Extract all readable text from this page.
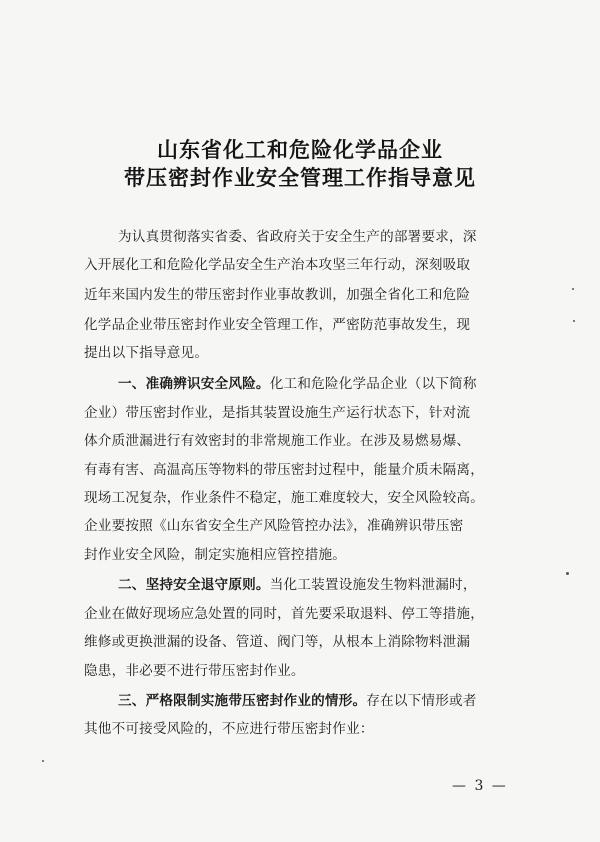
山东省化工和危险化学品企业
带压密封作业安全管理工作指导意见
为认真贯彻落实省委、省政府关于安全生产的部署要求，深
入开展化工和危险化学品安全生产治本攻坚三年行动，深刻吸取
近年来国内发生的带压密封作业事故教训，加强全省化工和危险
化学品企业带压密封作业安全管理工作，严密防范事故发生，现
提出以下指导意见。
一、准确辨识安全风险。化工和危险化学品企业（以下简称
企业）带压密封作业，是指其装置设施生产运行状态下，针对流
体介质泄漏进行有效密封的非常规施工作业。在涉及易燃易爆、
有毒有害、高温高压等物料的带压密封过程中，能量介质未隔离，
现场工况复杂，作业条件不稳定，施工难度较大，安全风险较高。
企业要按照《山东省安全生产风险管控办法》，准确辨识带压密
封作业安全风险，制定实施相应管控措施。
二、坚持安全退守原则。当化工装置设施发生物料泄漏时，
企业在做好现场应急处置的同时，首先要采取退料、停工等措施，
维修或更换泄漏的设备、管道、阀门等，从根本上消除物料泄漏
隐患，非必要不进行带压密封作业。
三、严格限制实施带压密封作业的情形。存在以下情形或者
其他不可接受风险的，不应进行带压密封作业：
— 3 —
